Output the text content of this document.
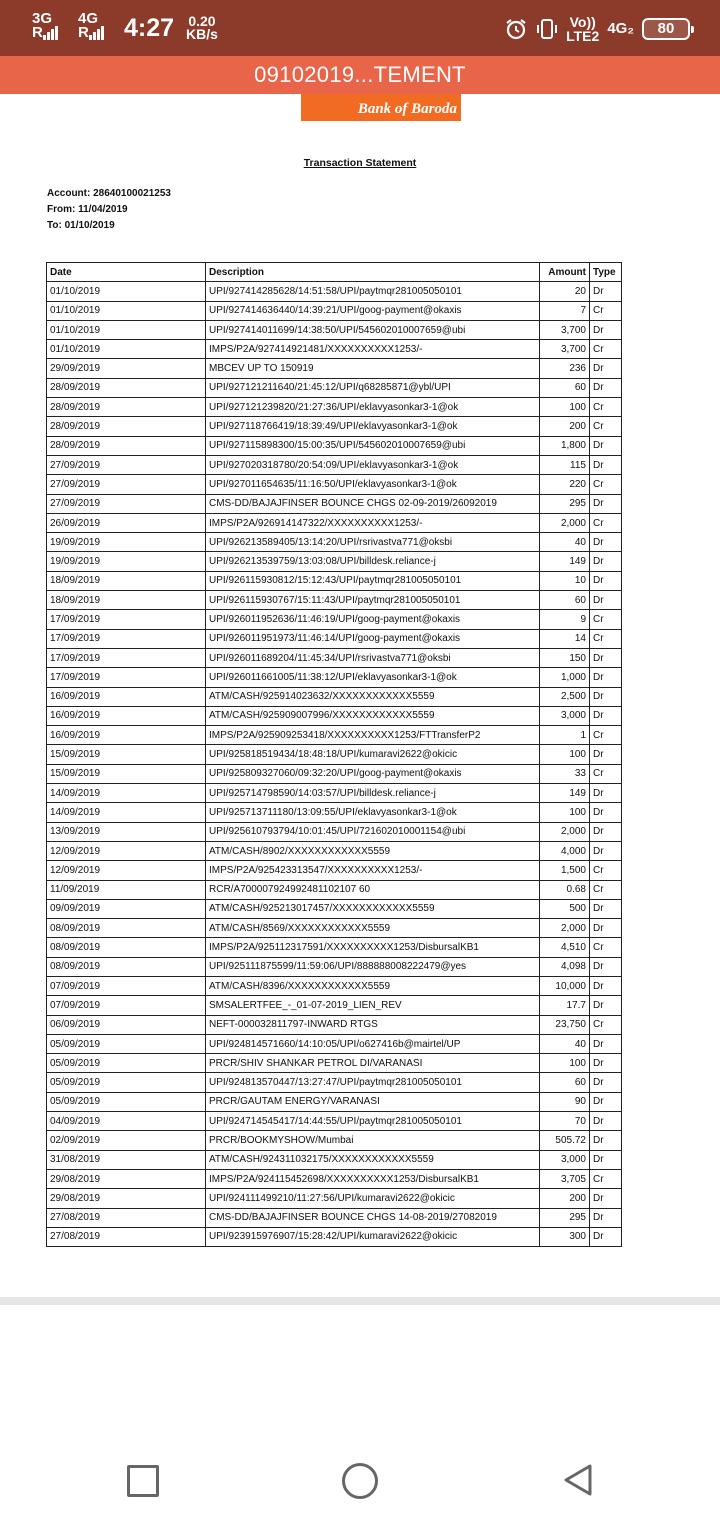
3G
R
4G
R	4:27 0.20
KB/s
Vo))
LTE2 4G₂	80
09102019...TEMENT
Bank of Baroda
Transaction Statement
Account: 28640100021253
From: 11/04/2019
To: 01/10/2019
Date	Description	Amount	Type
01/10/2019	UPI/927414285628/14:51:58/UPI/paytmqr281005050101	20	Dr
01/10/2019	UPI/927414636440/14:39:21/UPI/goog-payment@okaxis	7	Cr
01/10/2019	UPI/927414011699/14:38:50/UPI/545602010007659@ubi	3,700	Dr
01/10/2019	IMPS/P2A/927414921481/XXXXXXXXXX1253/-	3,700	Cr
29/09/2019	MBCEV UP TO 150919	236	Dr
28/09/2019	UPI/927121211640/21:45:12/UPI/q68285871@ybl/UPI	60	Dr
28/09/2019	UPI/927121239820/21:27:36/UPI/eklavyasonkar3-1@ok	100	Cr
28/09/2019	UPI/927118766419/18:39:49/UPI/eklavyasonkar3-1@ok	200	Cr
28/09/2019	UPI/927115898300/15:00:35/UPI/545602010007659@ubi	1,800	Dr
27/09/2019	UPI/927020318780/20:54:09/UPI/eklavyasonkar3-1@ok	115	Dr
27/09/2019	UPI/927011654635/11:16:50/UPI/eklavyasonkar3-1@ok	220	Cr
27/09/2019	CMS-DD/BAJAJFINSER BOUNCE CHGS 02-09-2019/26092019	295	Dr
26/09/2019	IMPS/P2A/926914147322/XXXXXXXXXX1253/-	2,000	Cr
19/09/2019	UPI/926213589405/13:14:20/UPI/rsrivastva771@oksbi	40	Dr
19/09/2019	UPI/926213539759/13:03:08/UPI/billdesk.reliance-j	149	Dr
18/09/2019	UPI/926115930812/15:12:43/UPI/paytmqr281005050101	10	Dr
18/09/2019	UPI/926115930767/15:11:43/UPI/paytmqr281005050101	60	Dr
17/09/2019	UPI/926011952636/11:46:19/UPI/goog-payment@okaxis	9	Cr
17/09/2019	UPI/926011951973/11:46:14/UPI/goog-payment@okaxis	14	Cr
17/09/2019	UPI/926011689204/11:45:34/UPI/rsrivastva771@oksbi	150	Dr
17/09/2019	UPI/926011661005/11:38:12/UPI/eklavyasonkar3-1@ok	1,000	Dr
16/09/2019	ATM/CASH/925914023632/XXXXXXXXXXXX5559	2,500	Dr
16/09/2019	ATM/CASH/925909007996/XXXXXXXXXXXX5559	3,000	Dr
16/09/2019	IMPS/P2A/925909253418/XXXXXXXXXX1253/FTTransferP2	1	Cr
15/09/2019	UPI/925818519434/18:48:18/UPI/kumaravi2622@okicic	100	Dr
15/09/2019	UPI/925809327060/09:32:20/UPI/goog-payment@okaxis	33	Cr
14/09/2019	UPI/925714798590/14:03:57/UPI/billdesk.reliance-j	149	Dr
14/09/2019	UPI/925713711180/13:09:55/UPI/eklavyasonkar3-1@ok	100	Dr
13/09/2019	UPI/925610793794/10:01:45/UPI/721602010001154@ubi	2,000	Dr
12/09/2019	ATM/CASH/8902/XXXXXXXXXXXX5559	4,000	Dr
12/09/2019	IMPS/P2A/925423313547/XXXXXXXXXX1253/-	1,500	Cr
11/09/2019	RCR/A700007924992481102107 60	0.68	Cr
09/09/2019	ATM/CASH/925213017457/XXXXXXXXXXXX5559	500	Dr
08/09/2019	ATM/CASH/8569/XXXXXXXXXXXX5559	2,000	Dr
08/09/2019	IMPS/P2A/925112317591/XXXXXXXXXX1253/DisbursalKB1	4,510	Cr
08/09/2019	UPI/925111875599/11:59:06/UPI/888888008222479@yes	4,098	Dr
07/09/2019	ATM/CASH/8396/XXXXXXXXXXXX5559	10,000	Dr
07/09/2019	SMSALERTFEE_-_01-07-2019_LIEN_REV	17.7	Dr
06/09/2019	NEFT-000032811797-INWARD RTGS	23,750	Cr
05/09/2019	UPI/924814571660/14:10:05/UPI/o627416b@mairtel/UP	40	Dr
05/09/2019	PRCR/SHIV SHANKAR PETROL DI/VARANASI	100	Dr
05/09/2019	UPI/924813570447/13:27:47/UPI/paytmqr281005050101	60	Dr
05/09/2019	PRCR/GAUTAM ENERGY/VARANASI	90	Dr
04/09/2019	UPI/924714545417/14:44:55/UPI/paytmqr281005050101	70	Dr
02/09/2019	PRCR/BOOKMYSHOW/Mumbai	505.72	Dr
31/08/2019	ATM/CASH/924311032175/XXXXXXXXXXXX5559	3,000	Dr
29/08/2019	IMPS/P2A/924115452698/XXXXXXXXXX1253/DisbursalKB1	3,705	Cr
29/08/2019	UPI/924111499210/11:27:56/UPI/kumaravi2622@okicic	200	Dr
27/08/2019	CMS-DD/BAJAJFINSER BOUNCE CHGS 14-08-2019/27082019	295	Dr
27/08/2019	UPI/923915976907/15:28:42/UPI/kumaravi2622@okicic	300	Dr
